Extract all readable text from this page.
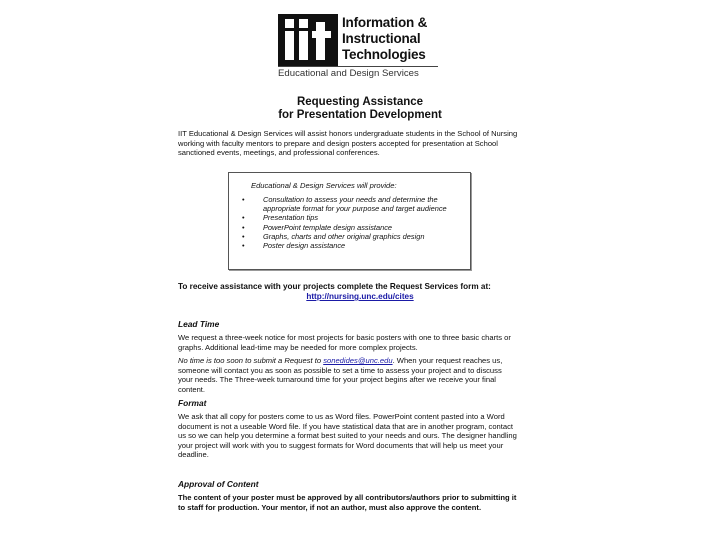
Information &
Instructional
Technologies
Educational and Design Services
Requesting Assistance
for Presentation Development
IIT Educational & Design Services will assist honors undergraduate students in the School of Nursing working with faculty mentors to prepare and design posters accepted for presentation at School sanctioned events, meetings, and professional conferences.
Educational & Design Services will provide:
• Consultation to assess your needs and determine the appropriate format for your purpose and target audience
• Presentation tips
• PowerPoint template design assistance
• Graphs, charts and other original graphics design
• Poster design assistance
To receive assistance with your projects complete the Request Services form at:
http://nursing.unc.edu/cites
Lead Time
We request a three-week notice for most projects for basic posters with one to three basic charts or graphs. Additional lead-time may be needed for more complex projects.
No time is too soon to submit a Request to sonedides@unc.edu. When your request reaches us, someone will contact you as soon as possible to set a time to assess your project and to discuss your needs. The Three-week turnaround time for your project begins after we receive your final content.
Format
We ask that all copy for posters come to us as Word files. PowerPoint content pasted into a Word document is not a useable Word file. If you have statistical data that are in another program, contact us so we can help you determine a format best suited to your needs and ours. The designer handling your project will work with you to suggest formats for Word documents that will help us meet your deadline.
Approval of Content
The content of your poster must be approved by all contributors/authors prior to submitting it to staff for production. Your mentor, if not an author, must also approve the content.
